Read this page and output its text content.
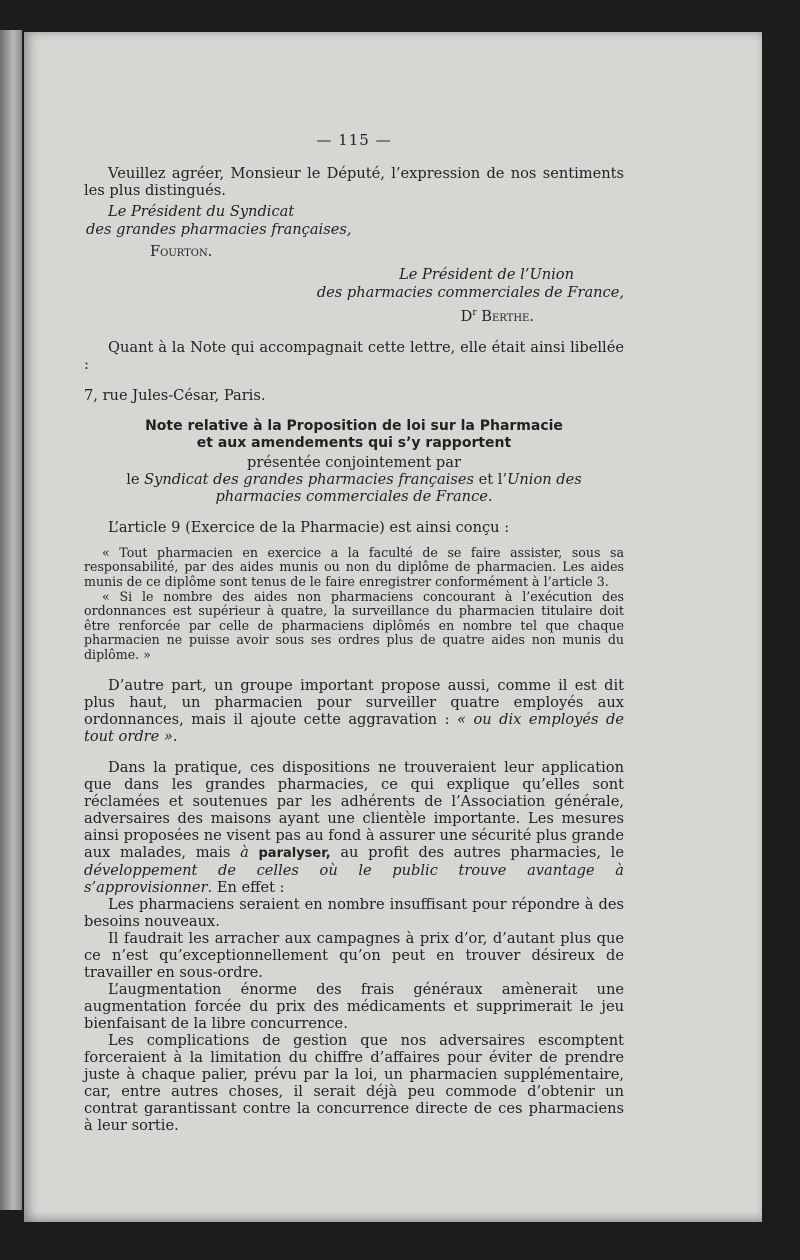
— 115 —

Veuillez agréer, Monsieur le Député, l’expression de nos sentiments les plus distingués.

Le Président du Syndicat
des grandes pharmacies françaises,
Fourton.
Le Président de l’Union
des pharmacies commerciales de France,
$D^r$ Berthe.

Quant à la Note qui accompagnait cette lettre, elle était ainsi libellée :

7, rue Jules-César, Paris.

Note relative à la Proposition de loi sur la Pharmacie
et aux amendements qui s’y rapportent
présentée conjointement par
le Syndicat des grandes pharmacies françaises et l’Union des pharmacies commerciales de France.

L’article 9 (Exercice de la Pharmacie) est ainsi conçu :

« Tout pharmacien en exercice a la faculté de se faire assister, sous sa responsabilité, par des aides munis ou non du diplôme de pharmacien. Les aides munis de ce diplôme sont tenus de le faire enregistrer conformément à l’article 3.

« Si le nombre des aides non pharmaciens concourant à l’exécution des ordonnances est supérieur à quatre, la surveillance du pharmacien titulaire doit être renforcée par celle de pharmaciens diplômés en nombre tel que chaque pharmacien ne puisse avoir sous ses ordres plus de quatre aides non munis du diplôme. »

D’autre part, un groupe important propose aussi, comme il est dit plus haut, un pharmacien pour surveiller quatre employés aux ordonnances, mais il ajoute cette aggravation : « ou dix employés de tout ordre ».

Dans la pratique, ces dispositions ne trouveraient leur application que dans les grandes pharmacies, ce qui explique qu’elles sont réclamées et soutenues par les adhérents de l’Association générale, adversaires des maisons ayant une clientèle importante. Les mesures ainsi proposées ne visent pas au fond à assurer une sécurité plus grande aux malades, mais à paralyser, au profit des autres pharmacies, le développement de celles où le public trouve avantage à s’approvisionner. En effet :

Les pharmaciens seraient en nombre insuffisant pour répondre à des besoins nouveaux.

Il faudrait les arracher aux campagnes à prix d’or, d’autant plus que ce n’est qu’exceptionnellement qu’on peut en trouver désireux de travailler en sous-ordre.

L’augmentation énorme des frais généraux amènerait une augmentation forcée du prix des médicaments et supprimerait le jeu bienfaisant de la libre concurrence.

Les complications de gestion que nos adversaires escomptent forceraient à la limitation du chiffre d’affaires pour éviter de prendre juste à chaque palier, prévu par la loi, un pharmacien supplémentaire, car, entre autres choses, il serait déjà peu commode d’obtenir un contrat garantissant contre la concurrence directe de ces pharmaciens à leur sortie.
